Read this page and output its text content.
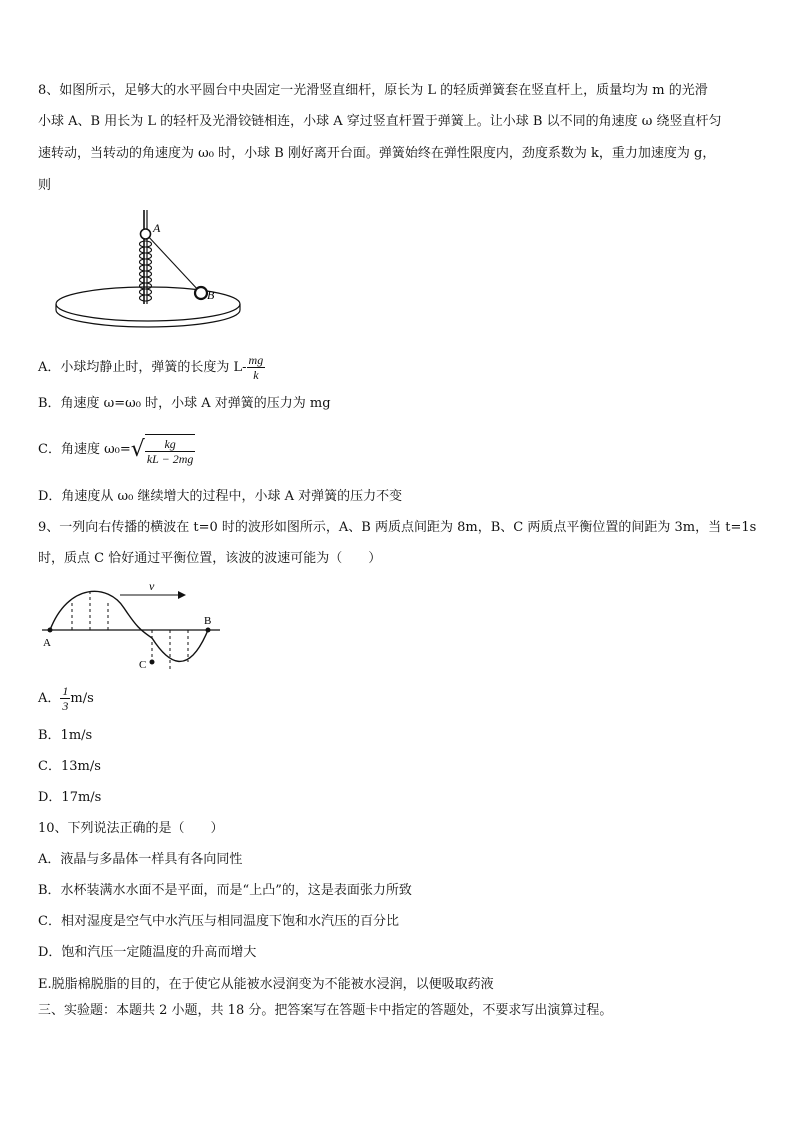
8、如图所示，足够大的水平圆台中央固定一光滑竖直细杆，原长为 L 的轻质弹簧套在竖直杆上，质量均为 m 的光滑
小球 A、B 用长为 L 的轻杆及光滑铰链相连，小球 A 穿过竖直杆置于弹簧上。让小球 B 以不同的角速度 ω 绕竖直杆匀
速转动，当转动的角速度为 ω₀ 时，小球 B 刚好离开台面。弹簧始终在弹性限度内，劲度系数为 k，重力加速度为 g，
则
A
B
A．小球均静止时，弹簧的长度为 $L- \frac{mg}{k}$
B．角速度 ω=ω₀ 时，小球 A 对弹簧的压力为 mg
C．角速度 $\omega_0=√ \frac{kg}{kL - 2mg}$
D．角速度从 ω₀ 继续增大的过程中，小球 A 对弹簧的压力不变
9、一列向右传播的横波在 t=0 时的波形如图所示，A、B 两质点间距为 8m，B、C 两质点平衡位置的间距为 3m，当 t=1s
时，质点 C 恰好通过平衡位置，该波的波速可能为（　　）
v
A
B
C
A． $\frac{1}{3} m/s$
B．1m/s
C．13m/s
D．17m/s
10、下列说法正确的是（　　）
A．液晶与多晶体一样具有各向同性
B．水杯装满水水面不是平面，而是“上凸”的，这是表面张力所致
C．相对湿度是空气中水汽压与相同温度下饱和水汽压的百分比
D．饱和汽压一定随温度的升高而增大
E.脱脂棉脱脂的目的，在于使它从能被水浸润变为不能被水浸润，以便吸取药液
三、实验题：本题共 2 小题，共 18 分。把答案写在答题卡中指定的答题处，不要求写出演算过程。
